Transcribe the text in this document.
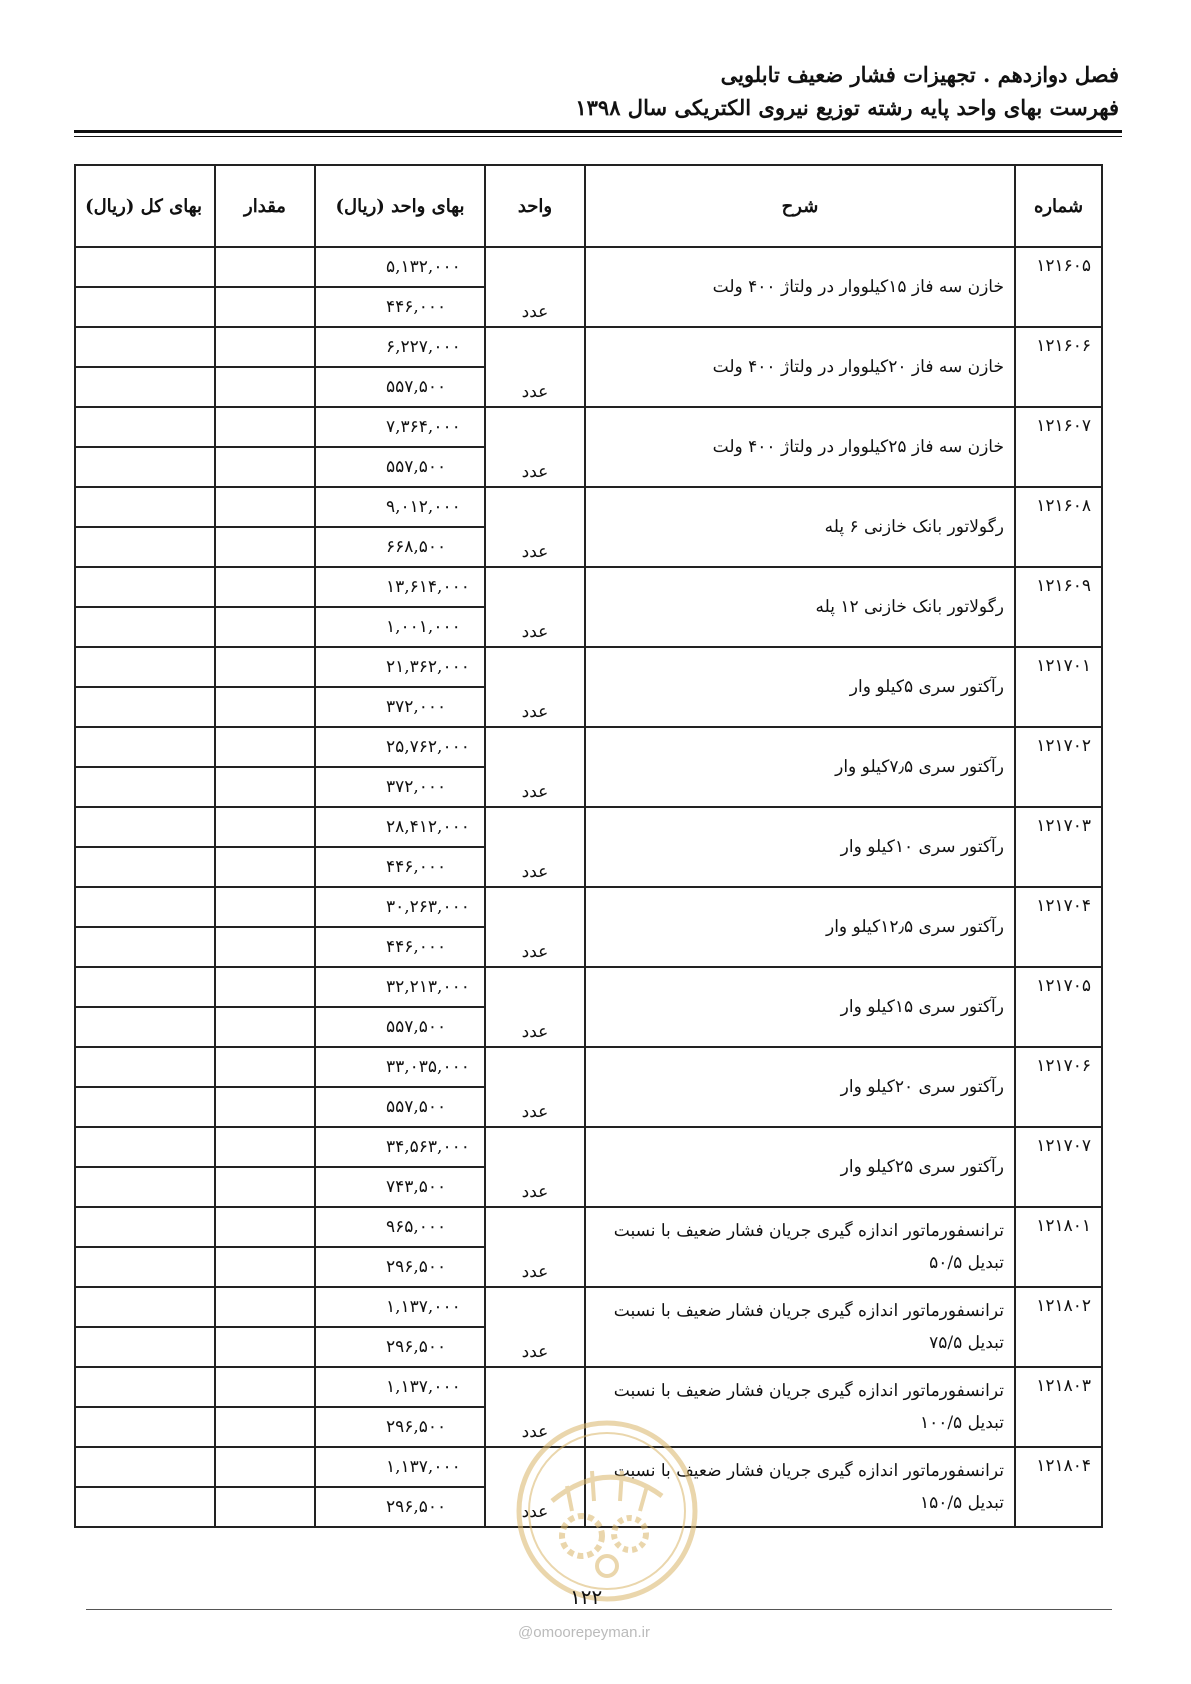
فصل دوازدهم . تجهیزات فشار ضعیف تابلویی
فهرست بهای واحد پایه رشته توزیع نیروی الکتریکی سال ۱۳۹۸
شماره	شرح	واحد	بهای واحد (ریال)	مقدار	بهای کل (ریال)
۱۲۱۶۰۵	خازن سه فاز ۱۵کیلووار در ولتاژ ۴۰۰ ولت	عدد	۵,۱۳۲,۰۰۰		
			۴۴۶,۰۰۰		
۱۲۱۶۰۶	خازن سه فاز ۲۰کیلووار در ولتاژ ۴۰۰ ولت	عدد	۶,۲۲۷,۰۰۰		
			۵۵۷,۵۰۰		
۱۲۱۶۰۷	خازن سه فاز ۲۵کیلووار در ولتاژ ۴۰۰ ولت	عدد	۷,۳۶۴,۰۰۰		
			۵۵۷,۵۰۰		
۱۲۱۶۰۸	رگولاتور بانک خازنی ۶ پله	عدد	۹,۰۱۲,۰۰۰		
			۶۶۸,۵۰۰		
۱۲۱۶۰۹	رگولاتور بانک خازنی ۱۲ پله	عدد	۱۳,۶۱۴,۰۰۰		
			۱,۰۰۱,۰۰۰		
۱۲۱۷۰۱	رآکتور سری ۵کیلو وار	عدد	۲۱,۳۶۲,۰۰۰		
			۳۷۲,۰۰۰		
۱۲۱۷۰۲	رآکتور سری ۷٫۵کیلو وار	عدد	۲۵,۷۶۲,۰۰۰		
			۳۷۲,۰۰۰		
۱۲۱۷۰۳	رآکتور سری ۱۰کیلو وار	عدد	۲۸,۴۱۲,۰۰۰		
			۴۴۶,۰۰۰		
۱۲۱۷۰۴	رآکتور سری ۱۲٫۵کیلو وار	عدد	۳۰,۲۶۳,۰۰۰		
			۴۴۶,۰۰۰		
۱۲۱۷۰۵	رآکتور سری ۱۵کیلو وار	عدد	۳۲,۲۱۳,۰۰۰		
			۵۵۷,۵۰۰		
۱۲۱۷۰۶	رآکتور سری ۲۰کیلو وار	عدد	۳۳,۰۳۵,۰۰۰		
			۵۵۷,۵۰۰		
۱۲۱۷۰۷	رآکتور سری ۲۵کیلو وار	عدد	۳۴,۵۶۳,۰۰۰		
			۷۴۳,۵۰۰		
۱۲۱۸۰۱	ترانسفورماتور اندازه گیری جریان فشار ضعیف با نسبت تبدیل ۵۰/۵	عدد	۹۶۵,۰۰۰		
			۲۹۶,۵۰۰		
۱۲۱۸۰۲	ترانسفورماتور اندازه گیری جریان فشار ضعیف با نسبت تبدیل ۷۵/۵	عدد	۱,۱۳۷,۰۰۰		
			۲۹۶,۵۰۰		
۱۲۱۸۰۳	ترانسفورماتور اندازه گیری جریان فشار ضعیف با نسبت تبدیل ۱۰۰/۵	عدد	۱,۱۳۷,۰۰۰		
			۲۹۶,۵۰۰		
۱۲۱۸۰۴	ترانسفورماتور اندازه گیری جریان فشار ضعیف با نسبت تبدیل ۱۵۰/۵	عدد	۱,۱۳۷,۰۰۰		
			۲۹۶,۵۰۰		
۱۲۲
@omoorepeyman.ir
